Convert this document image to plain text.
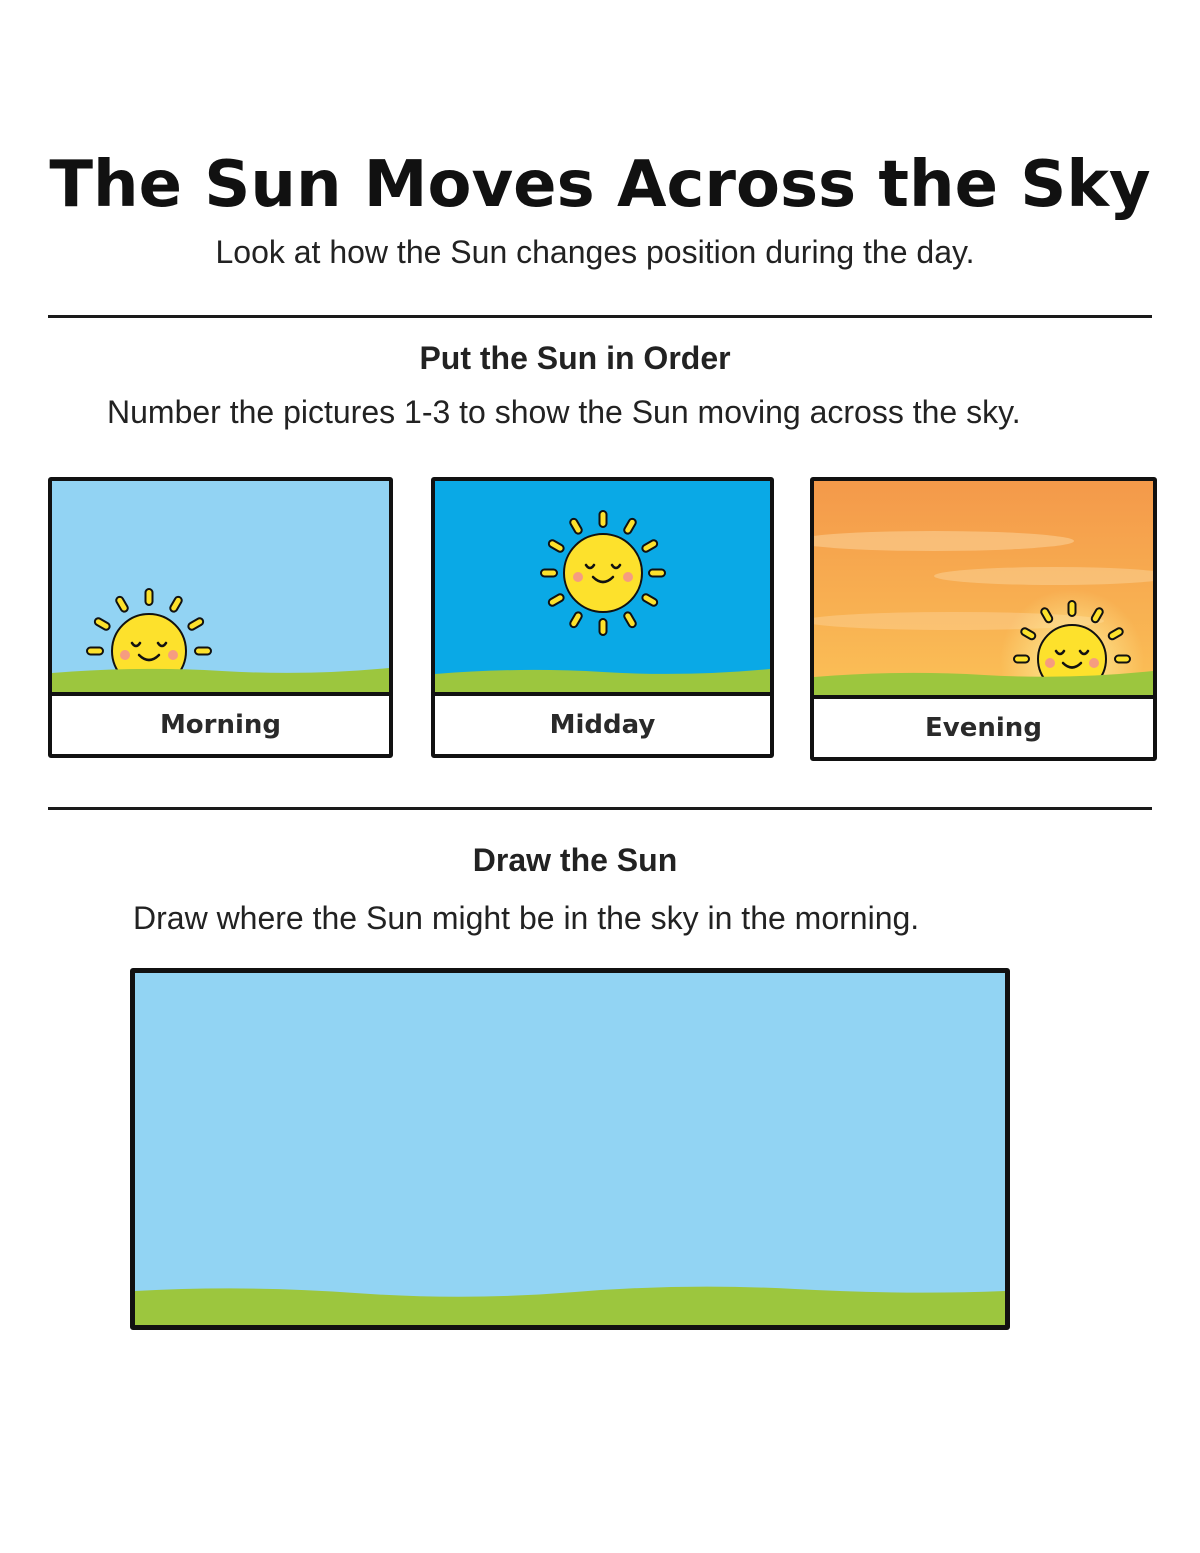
The Sun Moves Across the Sky
Look at how the Sun changes position during the day.
Put the Sun in Order
Number the pictures 1-3 to show the Sun moving across the sky.
Morning	Midday	Evening
Draw the Sun
Draw where the Sun might be in the sky in the morning.
